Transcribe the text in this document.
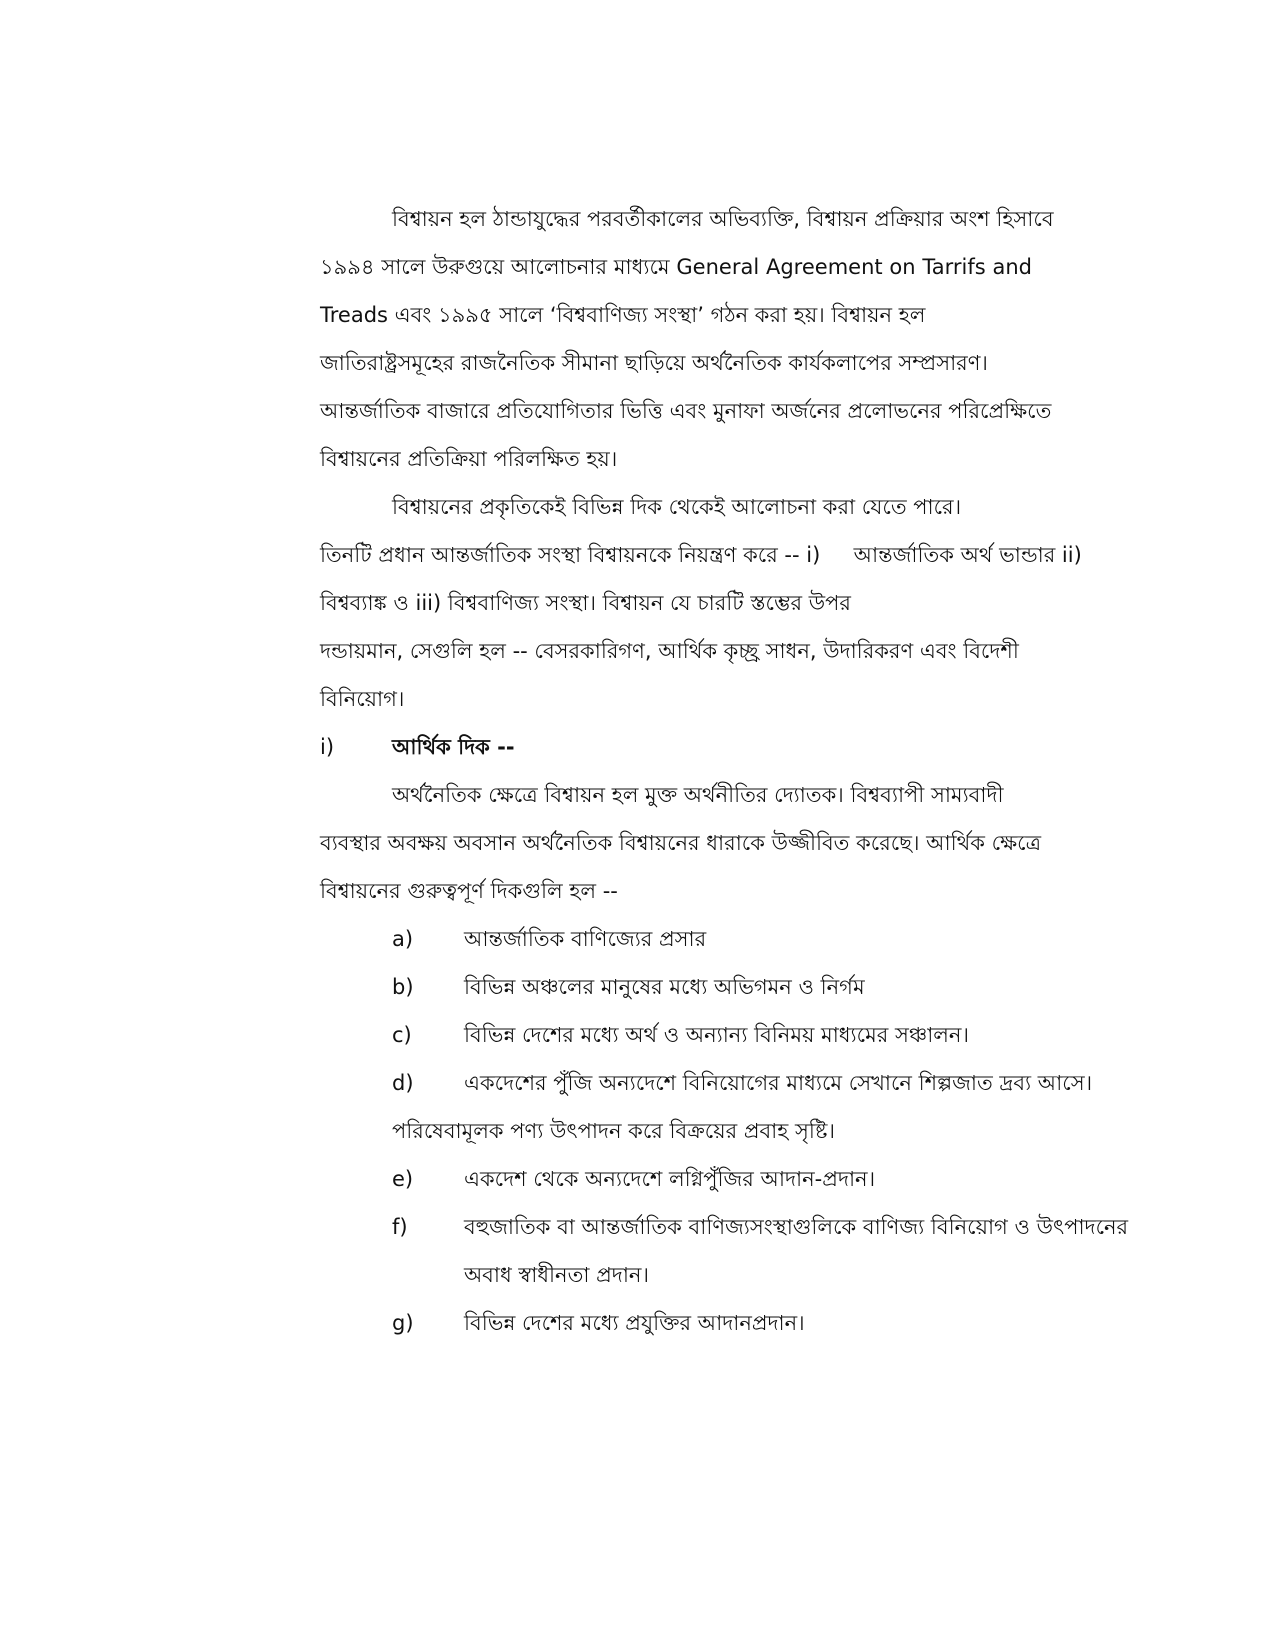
বিশ্বায়ন হল ঠান্ডাযুদ্ধের পরবর্তীকালের অভিব্যক্তি, বিশ্বায়ন প্রক্রিয়ার অংশ হিসাবে
১৯৯৪ সালে উরুগুয়ে আলোচনার মাধ্যমে General Agreement on Tarrifs and
Treads এবং ১৯৯৫ সালে ‘বিশ্ববাণিজ্য সংস্থা’ গঠন করা হয়। বিশ্বায়ন হল
জাতিরাষ্ট্রসমূহের রাজনৈতিক সীমানা ছাড়িয়ে অর্থনৈতিক কার্যকলাপের সম্প্রসারণ।
আন্তর্জাতিক বাজারে প্রতিযোগিতার ভিত্তি এবং মুনাফা অর্জনের প্রলোভনের পরিপ্রেক্ষিতে
বিশ্বায়নের প্রতিক্রিয়া পরিলক্ষিত হয়।
বিশ্বায়নের প্রকৃতিকেই বিভিন্ন দিক থেকেই আলোচনা করা যেতে পারে।
তিনটি প্রধান আন্তর্জাতিক সংস্থা বিশ্বায়নকে নিয়ন্ত্রণ করে -- i)     আন্তর্জাতিক অর্থ ভান্ডার ii)
বিশ্বব্যাঙ্ক ও iii) বিশ্ববাণিজ্য সংস্থা। বিশ্বায়ন যে চারটি স্তম্ভের উপর
দন্ডায়মান, সেগুলি হল -- বেসরকারিগণ, আর্থিক কৃচ্ছ্র সাধন, উদারিকরণ এবং বিদেশী
বিনিয়োগ।
i)	আর্থিক দিক --
অর্থনৈতিক ক্ষেত্রে বিশ্বায়ন হল মুক্ত অর্থনীতির দ্যোতক। বিশ্বব্যাপী সাম্যবাদী
ব্যবস্থার অবক্ষয় অবসান অর্থনৈতিক বিশ্বায়নের ধারাকে উজ্জীবিত করেছে। আর্থিক ক্ষেত্রে
বিশ্বায়নের গুরুত্বপূর্ণ দিকগুলি হল --
a) আন্তর্জাতিক বাণিজ্যের প্রসার
b) বিভিন্ন অঞ্চলের মানুষের মধ্যে অভিগমন ও নির্গম
c) বিভিন্ন দেশের মধ্যে অর্থ ও অন্যান্য বিনিময় মাধ্যমের সঞ্চালন।
d) একদেশের পুঁজি অন্যদেশে বিনিয়োগের মাধ্যমে সেখানে শিল্পজাত দ্রব্য আসে।
পরিষেবামূলক পণ্য উৎপাদন করে বিক্রয়ের প্রবাহ সৃষ্টি।
e) একদেশ থেকে অন্যদেশে লগ্নিপুঁজির আদান-প্রদান।
f)	বহুজাতিক বা আন্তর্জাতিক বাণিজ্যসংস্থাগুলিকে বাণিজ্য বিনিয়োগ ও উৎপাদনের
অবাধ স্বাধীনতা প্রদান।
g) বিভিন্ন দেশের মধ্যে প্রযুক্তির আদানপ্রদান।
